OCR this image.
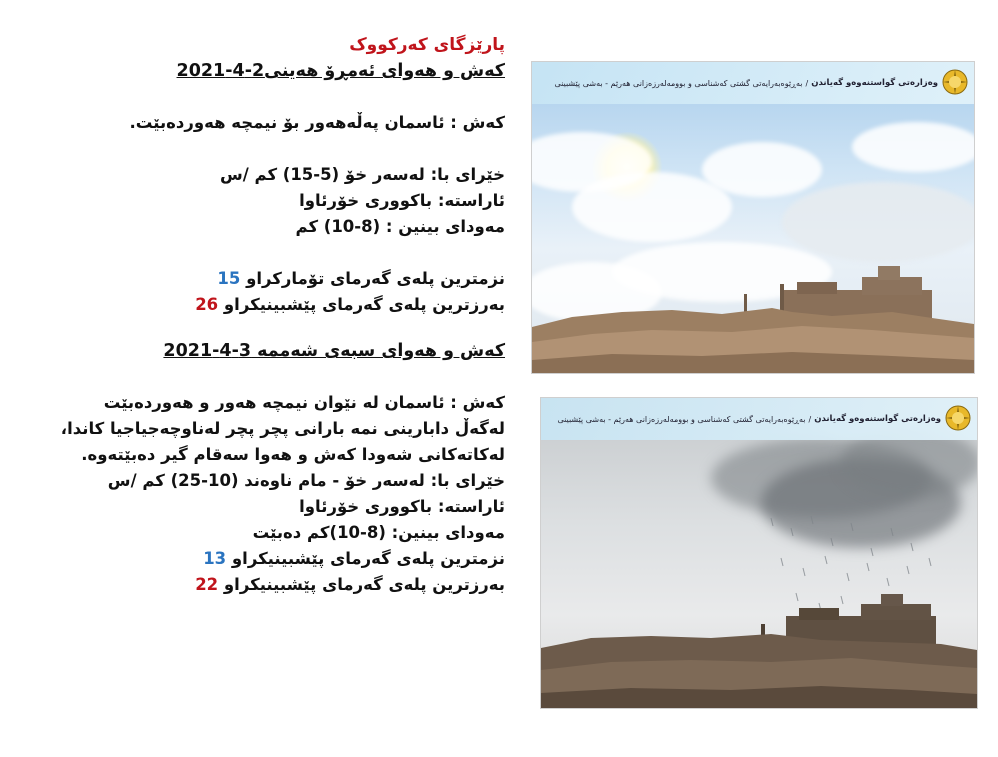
پارێزگای کەرکووک
کەش و هەوای ئەمڕۆ هەینی2-4-2021
کەش : ئاسمان پەڵەهەور بۆ نیمچە هەوردەبێت.
خێرای با: لەسەر خۆ (5-15) کم /س
ئاراستە: باکووری خۆرئاوا
مەودای بینین : (8-10) کم
نزمترین پلەی گەرمای تۆمارکراو 15
بەرزترین پلەی گەرمای پێشبینیکراو 26
کەش و هەوای سبەی شەممە 3-4-2021
کەش : ئاسمان لە نێوان نیمچە هەور و هەوردەبێت
لەگەڵ دابارینی نمە بارانی پچر پچر لەناوچەجیاجیا کاندا،
لەکاتەکانی شەودا کەش و هەوا سەقام گیر دەبێتەوە.
خێرای با: لەسەر خۆ - مام ناوەند (10-25) کم /س
ئاراستە: باکووری خۆرئاوا
مەودای بینین: (8-10)کم دەبێت
نزمترین پلەی گەرمای پێشبینیکراو 13
بەرزترین پلەی گەرمای پێشبینیکراو 22
وەزارەتی گواستنەوەو گەیاندن
/
بەڕێوەبەرایەتی گشتی کەشناسی و بوومەلەرزەزانی هەرێم - بەشی پێشبینی
وەزارەتی گواستنەوەو گەیاندن
/
بەڕێوەبەرایەتی گشتی کەشناسی و بوومەلەرزەزانی هەرێم - بەشی پێشبینی
